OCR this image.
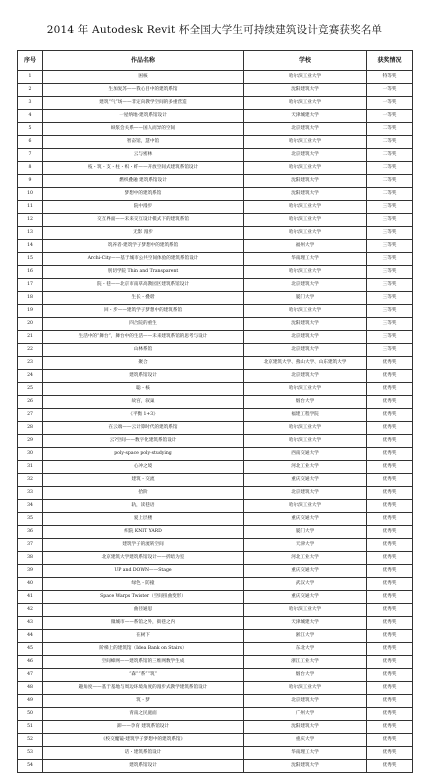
2014 年 Autodesk Revit 杯全国大学生可持续建筑设计竞赛获奖名单
序号	作品名称	学校	获奖情况
1	困核	哈尔滨工业大学	特等奖
2	生加复苏——我心目中的建筑系馆	沈阳建筑大学	一等奖
3	建筑“气”场——非定向教学空间的多重营造	哈尔滨工业大学	一等奖
4	一屋纳地-建筑系馆设计	天津城建大学	一等奖
5	纵浆会关系——国人而异的空间	北京建筑大学	二等奖
6	智奋馆，慧中馆	哈尔滨工业大学	二等奖
7	云与密林	北京建筑大学	二等奖
8	枝・筑・支・柱・织・纤——开放空间式建筑系馆设计	哈尔滨工业大学	二等奖
9	燃织叠融 建筑系馆设计	沈阳建筑大学	二等奖
10	梦想中的建筑系馆	沈阳建筑大学	二等奖
11	院中漫步	哈尔滨工业大学	三等奖
12	交互界面——未来交互设计模式下的建筑系馆	哈尔滨工业大学	三等奖
13	无影 漫步	哈尔滨工业大学	三等奖
14	筑养者-建筑学子梦想中的建筑系馆	福州大学	三等奖
15	Archi-City——基于城市公共空间体验的建筑系馆设计	华南理工大学	三等奖
16	别切学院 Thin and Transparent	哈尔滨工业大学	三等奖
17	院・巷——北京市南草高教园区建筑系馆设计	北京建筑大学	三等奖
18	生长・叠谐	厦门大学	三等奖
19	回・步——建筑学子梦想中的建筑系馆	哈尔滨工业大学	三等奖
20	四合院的重生	沈阳建筑大学	三等奖
21	生活中的“舞台”，舞台中的生活——未来建筑系馆的思考与设计	北京建筑大学	三等奖
22	山林系馆	北京建筑大学	三等奖
23	聚合	北京建筑大学、燕山大学、山东建筑大学	优秀奖
24	建筑系馆设计	北京建筑大学	优秀奖
25	聪・核	哈尔滨工业大学	优秀奖
26	故宫，叙巢	烟台大学	优秀奖
27	《平衡 1+3》	福建工程学院	优秀奖
28	在云端——云计算时代的建筑系馆	哈尔滨工业大学	优秀奖
29	云?空间——数字化建筑系馆设计	哈尔滨工业大学	优秀奖
30	poly-space poly-studying	西南交通大学	优秀奖
31	心冲之境	河北工业大学	优秀奖
32	建筑・交流	重庆交通大学	优秀奖
33	拾阶	北京建筑大学	优秀奖
34	轨，读巷语	哈尔滨工业大学	优秀奖
35	爱上层楼	重庆交通大学	优秀奖
36	织院 KNIT YARD	厦门大学	优秀奖
37	建筑学子的流转空间	天津大学	优秀奖
38	北京建筑大学建筑系馆设计——折暗为室	河北工业大学	优秀奖
39	UP and DOWN——Stage	重庆交通大学	优秀奖
40	绿色・防撞	武汉大学	优秀奖
41	Space Warps Twister（空间扭曲变形）	重庆交通大学	优秀奖
42	曲径通思	哈尔滨工业大学	优秀奖
43	微城市——系馆之外，街巷之内	天津城建大学	优秀奖
44	在树下	浙江大学	优秀奖
45	阶梯上的建筑馆（Idea Bank on Stairs）	东北大学	优秀奖
46	空间蜂网——建筑系馆的三维网数学生成	浙江工业大学	优秀奖
47	“森”“系”“筑”	烟台大学	优秀奖
48	趣角度——基于基地与周边环境角度的漫步式教学建筑系馆设计	哈尔滨工业大学	优秀奖
49	筑・梦	北京建筑大学	优秀奖
50	青南之民庭面	广州大学	优秀奖
51	卸——孕育 建筑系馆设计	沈阳建筑大学	优秀奖
52	《校交魔镜-建筑学子梦想中的建筑系馆》	重庆大学	优秀奖
53	话・建筑系馆设计	华南理工大学	优秀奖
54	建筑系馆设计	沈阳建筑大学	优秀奖
